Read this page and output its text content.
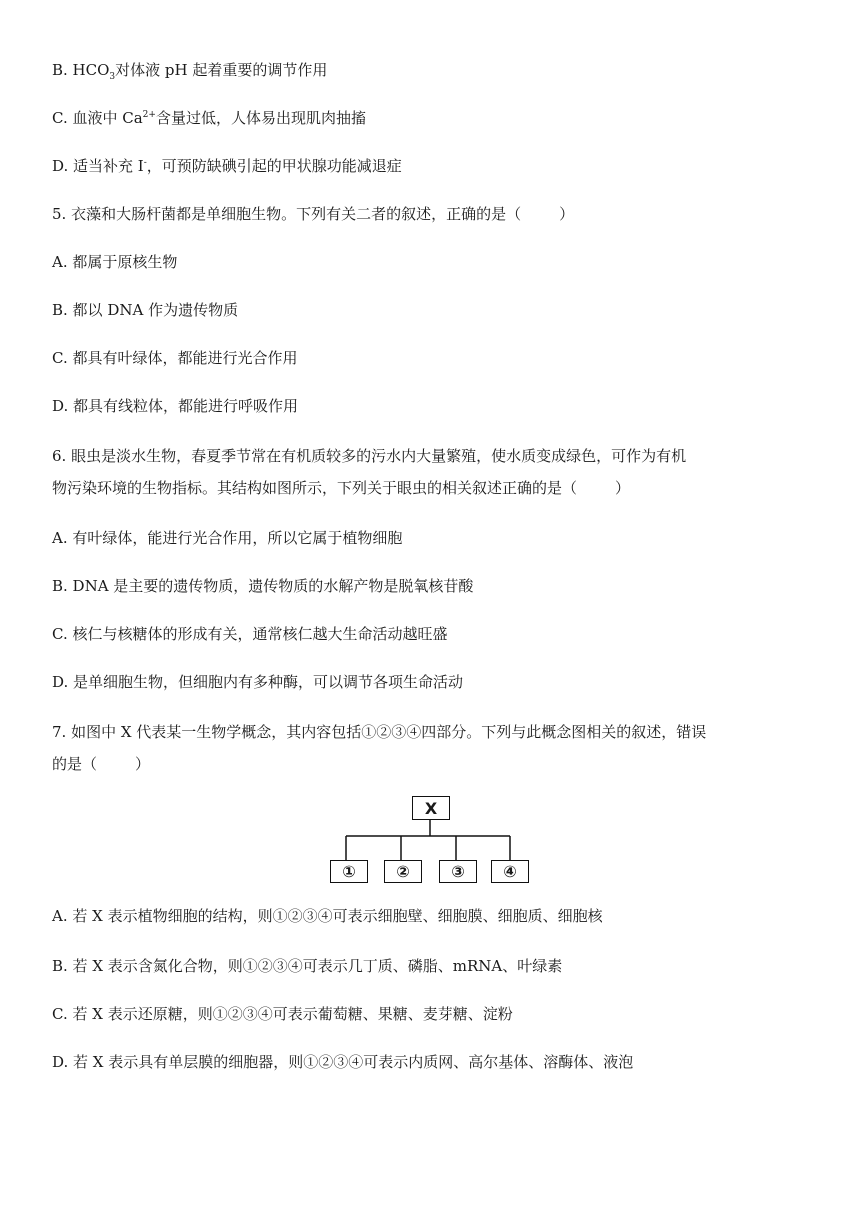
B. $HCO_3$对体液 pH 起着重要的调节作用
C. 血液中 $Ca^{2+}$含量过低，人体易出现肌肉抽搐
D. 适当补充 I-，可预防缺碘引起的甲状腺功能减退症
5. 衣藻和大肠杆菌都是单细胞生物。下列有关二者的叙述，正确的是（	）
A. 都属于原核生物
B. 都以 DNA 作为遗传物质
C. 都具有叶绿体，都能进行光合作用
D. 都具有线粒体，都能进行呼吸作用
6. 眼虫是淡水生物，春夏季节常在有机质较多的污水内大量繁殖，使水质变成绿色，可作为有机
物污染环境的生物指标。其结构如图所示，下列关于眼虫的相关叙述正确的是（	）
A. 有叶绿体，能进行光合作用，所以它属于植物细胞
B. DNA 是主要的遗传物质，遗传物质的水解产物是脱氧核苷酸
C. 核仁与核糖体的形成有关，通常核仁越大生命活动越旺盛
D. 是单细胞生物，但细胞内有多种酶，可以调节各项生命活动
7. 如图中 X 代表某一生物学概念，其内容包括①②③④四部分。下列与此概念图相关的叙述，错误
的是（	）
X
①	②	③	④
A. 若 X 表示植物细胞的结构，则①②③④可表示细胞壁、细胞膜、细胞质、细胞核
B. 若 X 表示含氮化合物，则①②③④可表示几丁质、磷脂、mRNA、叶绿素
C. 若 X 表示还原糖，则①②③④可表示葡萄糖、果糖、麦芽糖、淀粉
D. 若 X 表示具有单层膜的细胞器，则①②③④可表示内质网、高尔基体、溶酶体、液泡
